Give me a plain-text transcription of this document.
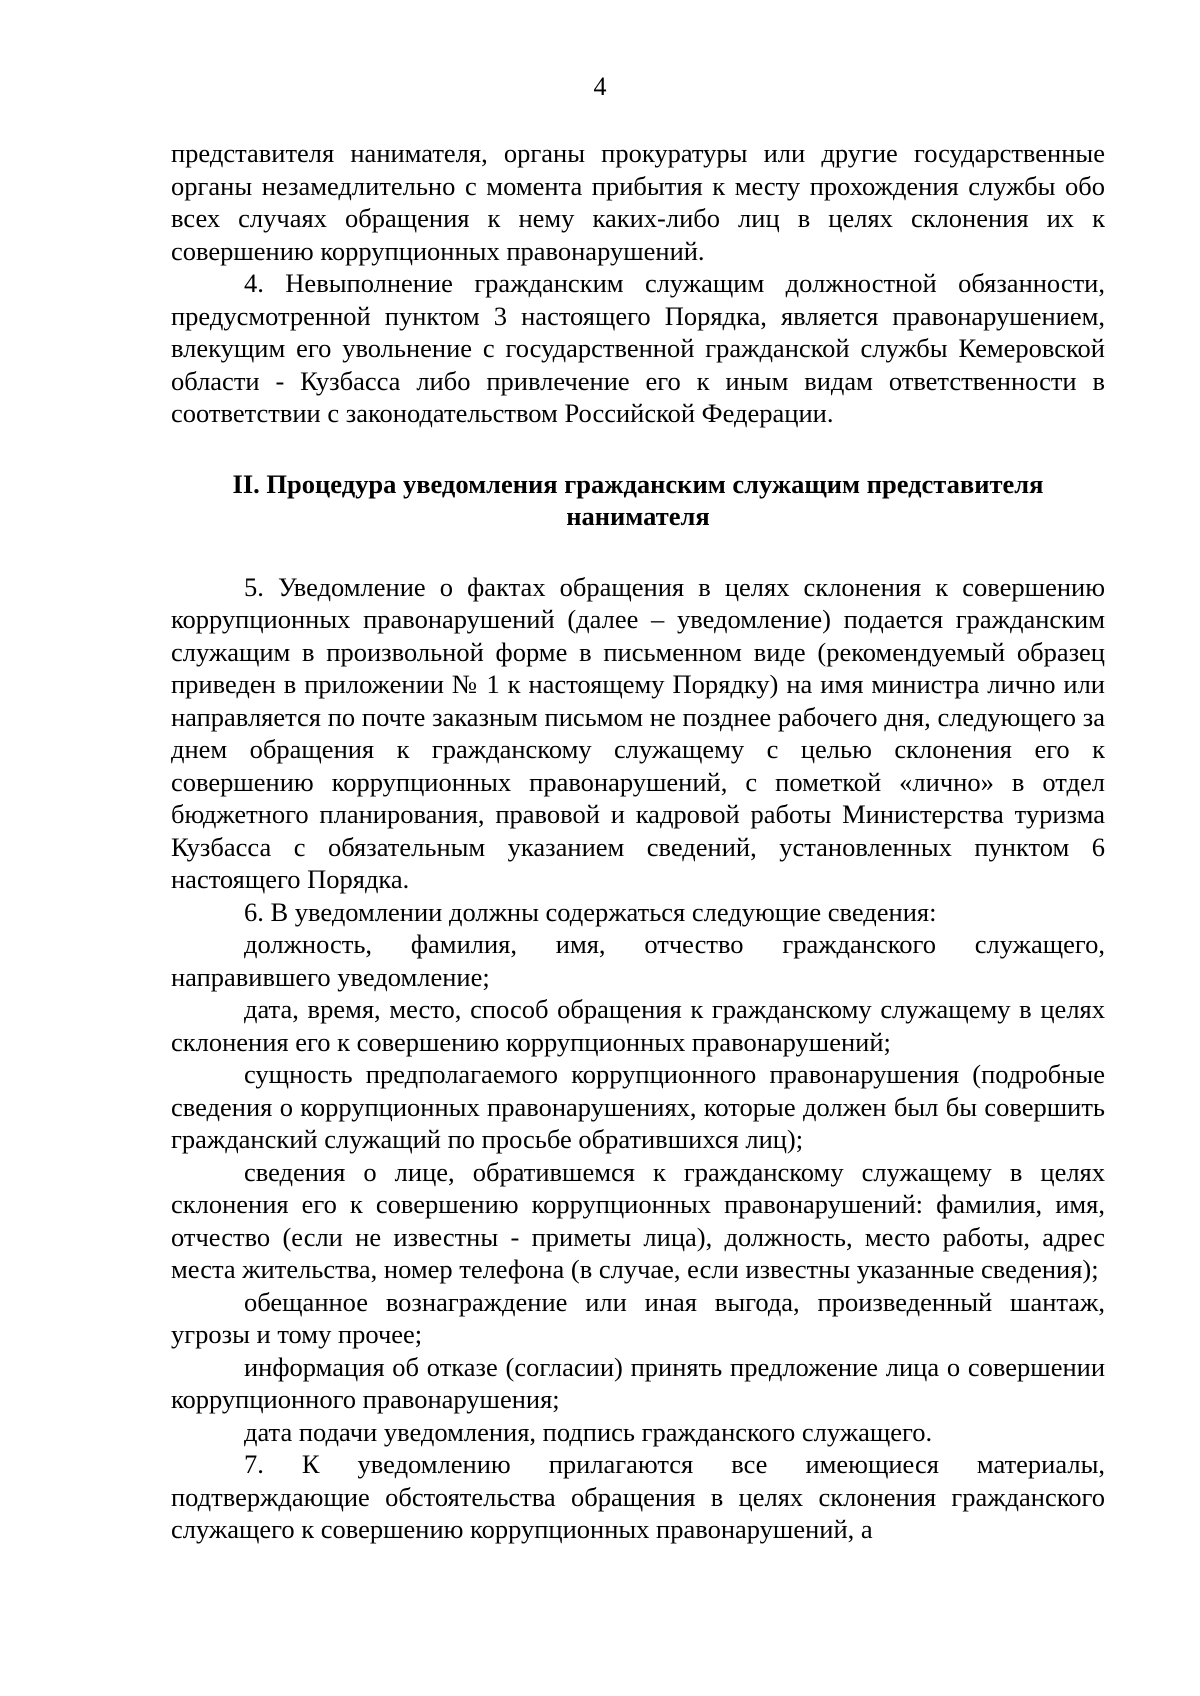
4

представителя нанимателя, органы прокуратуры или другие государственные органы незамедлительно с момента прибытия к месту прохождения службы обо всех случаях обращения к нему каких-либо лиц в целях склонения их к совершению коррупционных правонарушений.

4. Невыполнение гражданским служащим должностной обязанности, предусмотренной пунктом 3 настоящего Порядка, является правонарушением, влекущим его увольнение с государственной гражданской службы Кемеровской области - Кузбасса либо привлечение его к иным видам ответственности в соответствии с законодательством Российской Федерации.

II. Процедура уведомления гражданским служащим представителя
нанимателя

5. Уведомление о фактах обращения в целях склонения к совершению коррупционных правонарушений (далее – уведомление) подается гражданским служащим в произвольной форме в письменном виде (рекомендуемый образец приведен в приложении № 1 к настоящему Порядку) на имя министра лично или направляется по почте заказным письмом не позднее рабочего дня, следующего за днем обращения к гражданскому служащему с целью склонения его к совершению коррупционных правонарушений, с пометкой «лично» в отдел бюджетного планирования, правовой и кадровой работы Министерства туризма Кузбасса с обязательным указанием сведений, установленных пунктом 6 настоящего Порядка.

6. В уведомлении должны содержаться следующие сведения:

должность, фамилия, имя, отчество гражданского служащего, направившего уведомление;

дата, время, место, способ обращения к гражданскому служащему в целях склонения его к совершению коррупционных правонарушений;

сущность предполагаемого коррупционного правонарушения (подробные сведения о коррупционных правонарушениях, которые должен был бы совершить гражданский служащий по просьбе обратившихся лиц);

сведения о лице, обратившемся к гражданскому служащему в целях склонения его к совершению коррупционных правонарушений: фамилия, имя, отчество (если не известны - приметы лица), должность, место работы, адрес места жительства, номер телефона (в случае, если известны указанные сведения);

обещанное вознаграждение или иная выгода, произведенный шантаж, угрозы и тому прочее;

информация об отказе (согласии) принять предложение лица о совершении коррупционного правонарушения;

дата подачи уведомления, подпись гражданского служащего.

7. К уведомлению прилагаются все имеющиеся материалы, подтверждающие обстоятельства обращения в целях склонения гражданского служащего к совершению коррупционных правонарушений, а
